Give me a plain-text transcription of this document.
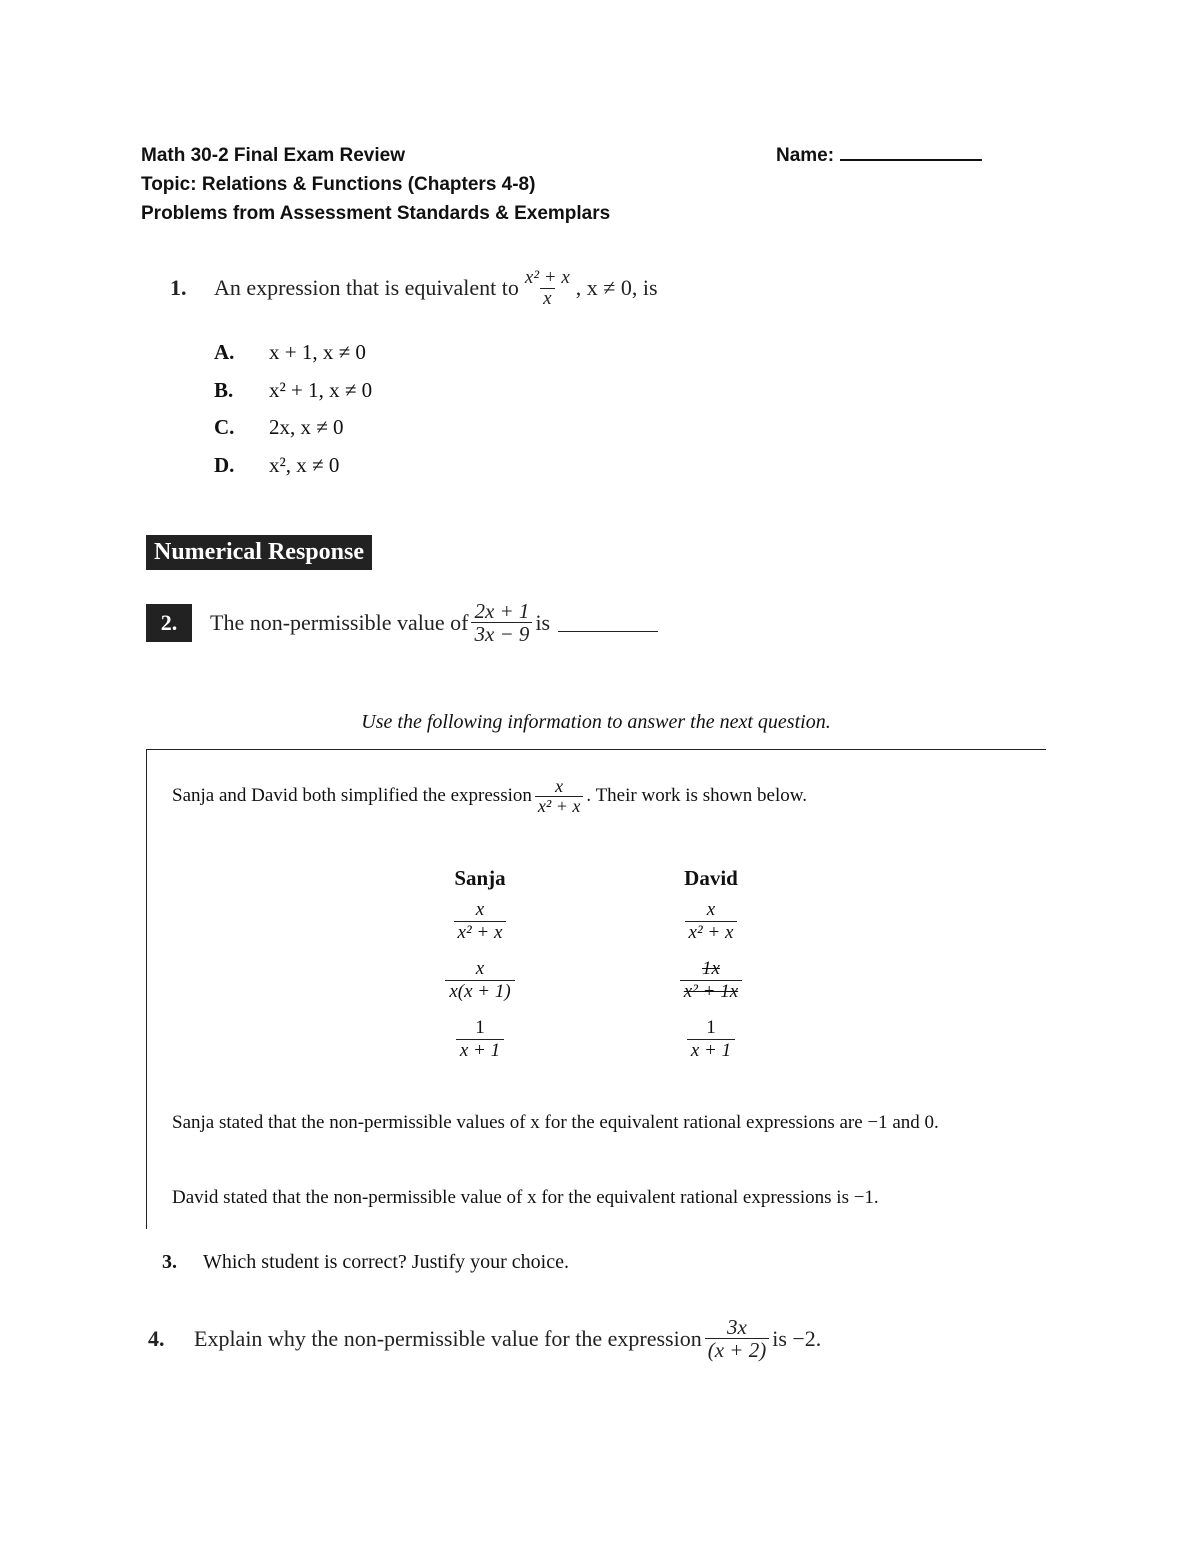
Math 30-2 Final Exam Review
Topic: Relations & Functions (Chapters 4-8)
Problems from Assessment Standards & Exemplars
Name:
1.	An expression that is equivalent to $\frac{\text{x² + x}}{x}$ , x ≠ 0, is
A. x + 1, x ≠ 0
B. x² + 1, x ≠ 0
C. 2x, x ≠ 0
D. x², x ≠ 0
Numerical Response
2.	The non-permissible value of $\frac{2x + 1}{3x - 9}$ is
Use the following information to answer the next question.
Sanja and David both simplified the expression $\frac{x}{\text{x² + x}}$ . Their work is shown below.
Sanja
x
x² + x
x
x(x + 1)
1
x + 1
David
x
x² + x
1x
x² + 1x
1
x + 1
Sanja stated that the non-permissible values of x for the equivalent rational expressions are −1 and 0.
David stated that the non-permissible value of x for the equivalent rational expressions is −1.
3. Which student is correct? Justify your choice.
4.	Explain why the non-permissible value for the expression $\frac{3x}{(x + 2)}$ is −2.
